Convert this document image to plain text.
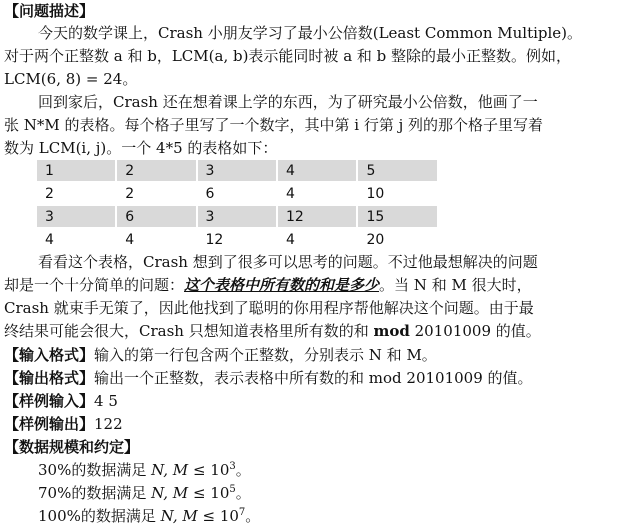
【问题描述】
今天的数学课上，Crash 小朋友学习了最小公倍数(Least Common Multiple)。
对于两个正整数 a 和 b，LCM(a, b)表示能同时被 a 和 b 整除的最小正整数。例如，
LCM(6, 8) = 24。
回到家后，Crash 还在想着课上学的东西，为了研究最小公倍数，他画了一
张 N*M 的表格。每个格子里写了一个数字，其中第 i 行第 j 列的那个格子里写着
数为 LCM(i, j)。一个 4*5 的表格如下：
1	2	3	4	5
2	2	6	4	10
3	6	3	12	15
4	4	12	4	20
看看这个表格，Crash 想到了很多可以思考的问题。不过他最想解决的问题
却是一个十分简单的问题：这个表格中所有数的和是多少。当 N 和 M 很大时，
Crash 就束手无策了，因此他找到了聪明的你用程序帮他解决这个问题。由于最
终结果可能会很大，Crash 只想知道表格里所有数的和 mod 20101009 的值。
【输入格式】输入的第一行包含两个正整数，分别表示 N 和 M。
【输出格式】输出一个正整数，表示表格中所有数的和 mod 20101009 的值。
【样例输入】4 5
【样例输出】122
【数据规模和约定】
30%的数据满足 N, $M \le 10^3$。
70%的数据满足 N, $M \le 10^5$。
100%的数据满足 N, $M \le 10^7$。
